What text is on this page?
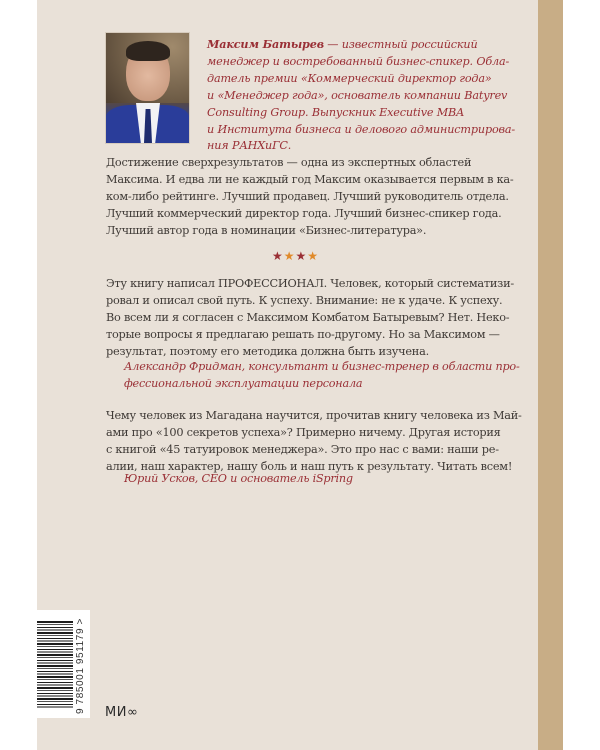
Максим Батырев — известный российский
менеджер и востребованный бизнес-спикер. Обла-
датель премии «Коммерческий директор года»
и «Менеджер года», основатель компании Batyrev
Consulting Group. Выпускник Executive MBA
и Института бизнеса и делового администрирова-
ния РАНХиГС.
Достижение сверхрезультатов — одна из экспертных областей
Максима. И едва ли не каждый год Максим оказывается первым в ка-
ком-либо рейтинге. Лучший продавец. Лучший руководитель отдела.
Лучший коммерческий директор года. Лучший бизнес-спикер года.
Лучший автор года в номинации «Бизнес-литература».
★★★★
Эту книгу написал ПРОФЕССИОНАЛ. Человек, который систематизи-
ровал и описал свой путь. К успеху. Внимание: не к удаче. К успеху.
Во всем ли я согласен с Максимом Комбатом Батыревым? Нет. Неко-
торые вопросы я предлагаю решать по-другому. Но за Максимом —
результат, поэтому его методика должна быть изучена.
Александр Фридман, консультант и бизнес-тренер в области про-
фессиональной эксплуатации персонала
Чему человек из Магадана научится, прочитав книгу человека из Май-
ами про «100 секретов успеха»? Примерно ничему. Другая история
с книгой «45 татуировок менеджера». Это про нас с вами: наши ре-
алии, наш характер, нашу боль и наш путь к результату. Читать всем!
Юрий Усков, CEO и основатель iSpring
9 785001 951179 > МИ∞
